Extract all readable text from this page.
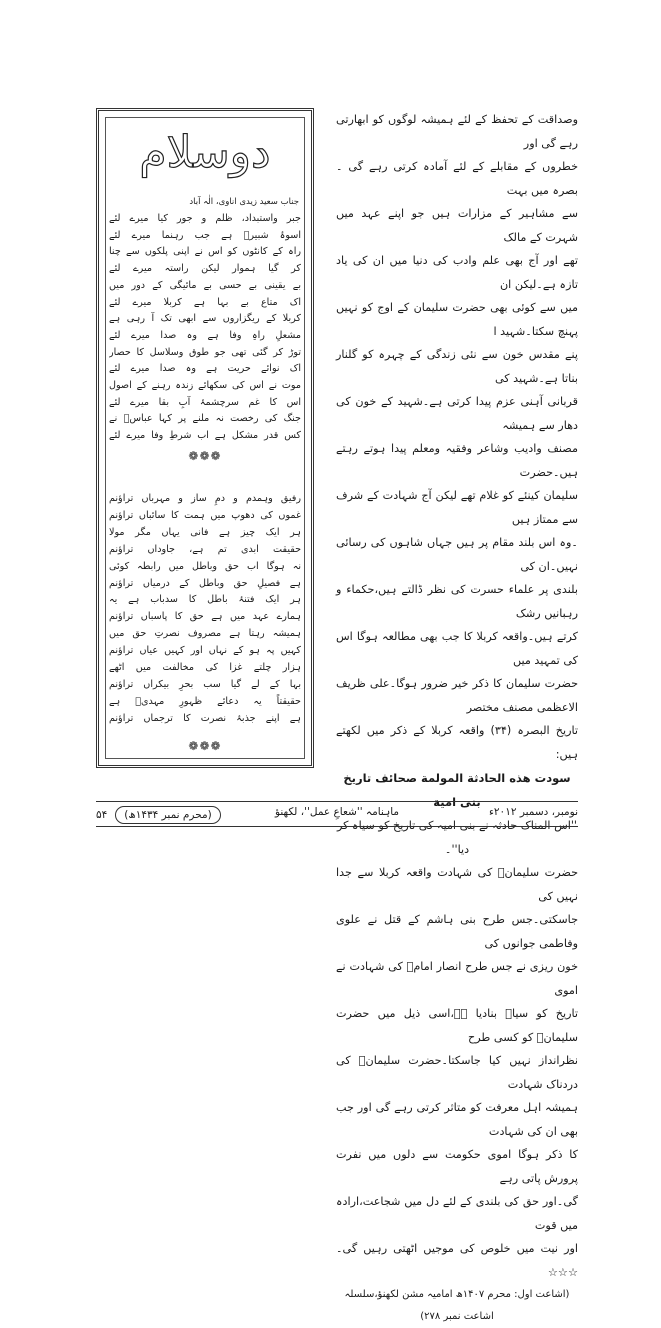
وصداقت کے تحفظ کے لئے ہمیشہ لوگوں کو ابھارتی رہے گی اور
خطروں کے مقابلے کے لئے آمادہ کرتی رہے گی ۔ بصرہ میں بہت
سے مشاہیر کے مزارات ہیں جو اپنے عہد میں شہرت کے مالک
تھے اور آج بھی علم وادب کی دنیا میں ان کی یاد تازہ ہے۔لیکن ان
میں سے کوئی بھی حضرت سلیمان کے اوج کو نہیں پہنچ سکتا۔شہید ا
پنے مقدس خون سے نئی زندگی کے چہرہ کو گلنار بناتا ہے۔شہید کی
قربانی آہنی عزم پیدا کرتی ہے۔شہید کے خون کی دھار سے ہمیشہ
مصنف وادیب وشاعر وفقیہ ومعلم پیدا ہوتے رہتے ہیں۔حضرت
سلیمان کینئے کو غلام تھے لیکن آج شہادت کے شرف سے ممتاز ہیں
۔وہ اس بلند مقام پر ہیں جہاں شاہوں کی رسائی نہیں۔ان کی
بلندی پر علماء حسرت کی نظر ڈالتے ہیں،حکماء و رہبانیں رشک
کرتے ہیں۔واقعہ کربلا کا جب بھی مطالعہ ہوگا اس کی تمہید میں
حضرت سلیمان کا ذکر خیر ضرور ہوگا۔علی ظریف الاعظمی مصنف مختصر
تاریخ البصرہ (۳۴) واقعہ کربلا کے ذکر میں لکھتے ہیں:

سودت هذه الحادثة المولمة صحائف تاریخ بنی امیة

''اس المناک حادثہ نے بنی امیہ کی تاریخ کو سیاہ کر دیا''۔

حضرت سلیمانؑ کی شہادت واقعہ کربلا سے جدا نہیں کی
جاسکتی۔جس طرح بنی ہاشم کے قتل نے علوی وفاطمی جوانوں کی
خون ریزی نے جس طرح انصار امامؑ کی شہادت نے اموی
تاریخ کو سیاہ بنادیا ہے،اسی ذیل میں حضرت سلیمانؑ کو کسی طرح
نظرانداز نہیں کیا جاسکتا۔حضرت سلیمانؑ کی دردناک شہادت
ہمیشہ اہل معرفت کو متاثر کرتی رہے گی اور جب بھی ان کی شہادت
کا ذکر ہوگا اموی حکومت سے دلوں میں نفرت پرورش پاتی رہے
گی۔اور حق کی بلندی کے لئے دل میں شجاعت،ارادہ میں قوت
اور نیت میں خلوص کی موجیں اٹھتی رہیں گی۔ ☆☆☆

(اشاعت اول: محرم ۱۴۰۷ھ امامیہ مشن لکھنؤ،سلسلہ اشاعت نمبر ۲۷۸)

دوسلام
جناب سعید زیدی اناوی، الٰہ آباد
جبر واستبداد، ظلم و جور کیا میرے لئے
اسوۂ شبیرؑ ہے جب رہنما میرے لئے
راہ کے کانٹوں کو اس نے اپنی پلکوں سے چنا
کر گیا ہموار لیکن راستہ میرے لئے
بے یقینی بے حسی بے مائیگی کے دور میں
اک متاع بے بہا ہے کربلا میرے لئے
کربلا کے ریگزاروں سے ابھی تک آ رہی ہے
مشعلِ راہِ وفا ہے وہ صدا میرے لئے
توڑ کر گئی تھی جو طوق وسلاسل کا حصار
اک نوائے حریت ہے وہ صدا میرے لئے
موت نے اس کی سکھائے زندہ رہنے کے اصول
اس کا غم سرچشمۂ آبِ بقا میرے لئے
جنگ کی رخصت نہ ملنے پر کہا عباسؑ نے
کس قدر مشکل ہے اب شرطِ وفا میرے لئے
❁❁❁
رفیق وہمدم و دمِ ساز و مہرباں تراؤنم
غموں کی دھوپ میں ہمت کا سائباں تراؤنم
ہر ایک چیز ہے فانی یہاں مگر مولا
حقیقت ابدی تم ہے، جاوداں تراؤنم
نہ ہوگا اب حق وباطل میں رابطہ کوئی
ہے فصیلِ حق وباطل کے درمیاں تراؤنم
ہر ایک فتنۂ باطل کا سدباب ہے یہ
ہمارے عہد میں ہے حق کا پاسباں تراؤنم
ہمیشہ رہتا ہے مصروف نصرتِ حق میں
کہیں پہ ہو کے نہاں اور کہیں عیاں تراؤنم
ہزار چلتے غزا کی مخالفت میں اٹھے
بہا کے لے گیا سب بحرِ بیکراں تراؤنم
حقیقتاً یہ دعائے ظہورِ مہدیؑ ہے
ہے اپنے جذبۂ نصرت کا ترجماں تراؤنم
❁❁❁
نومبر، دسمبر ۲۰۱۲ء
ماہنامہ ''شعاعِ عمل''، لکھنؤ
۵۴	(محرم نمبر ۱۴۳۴ھ)
